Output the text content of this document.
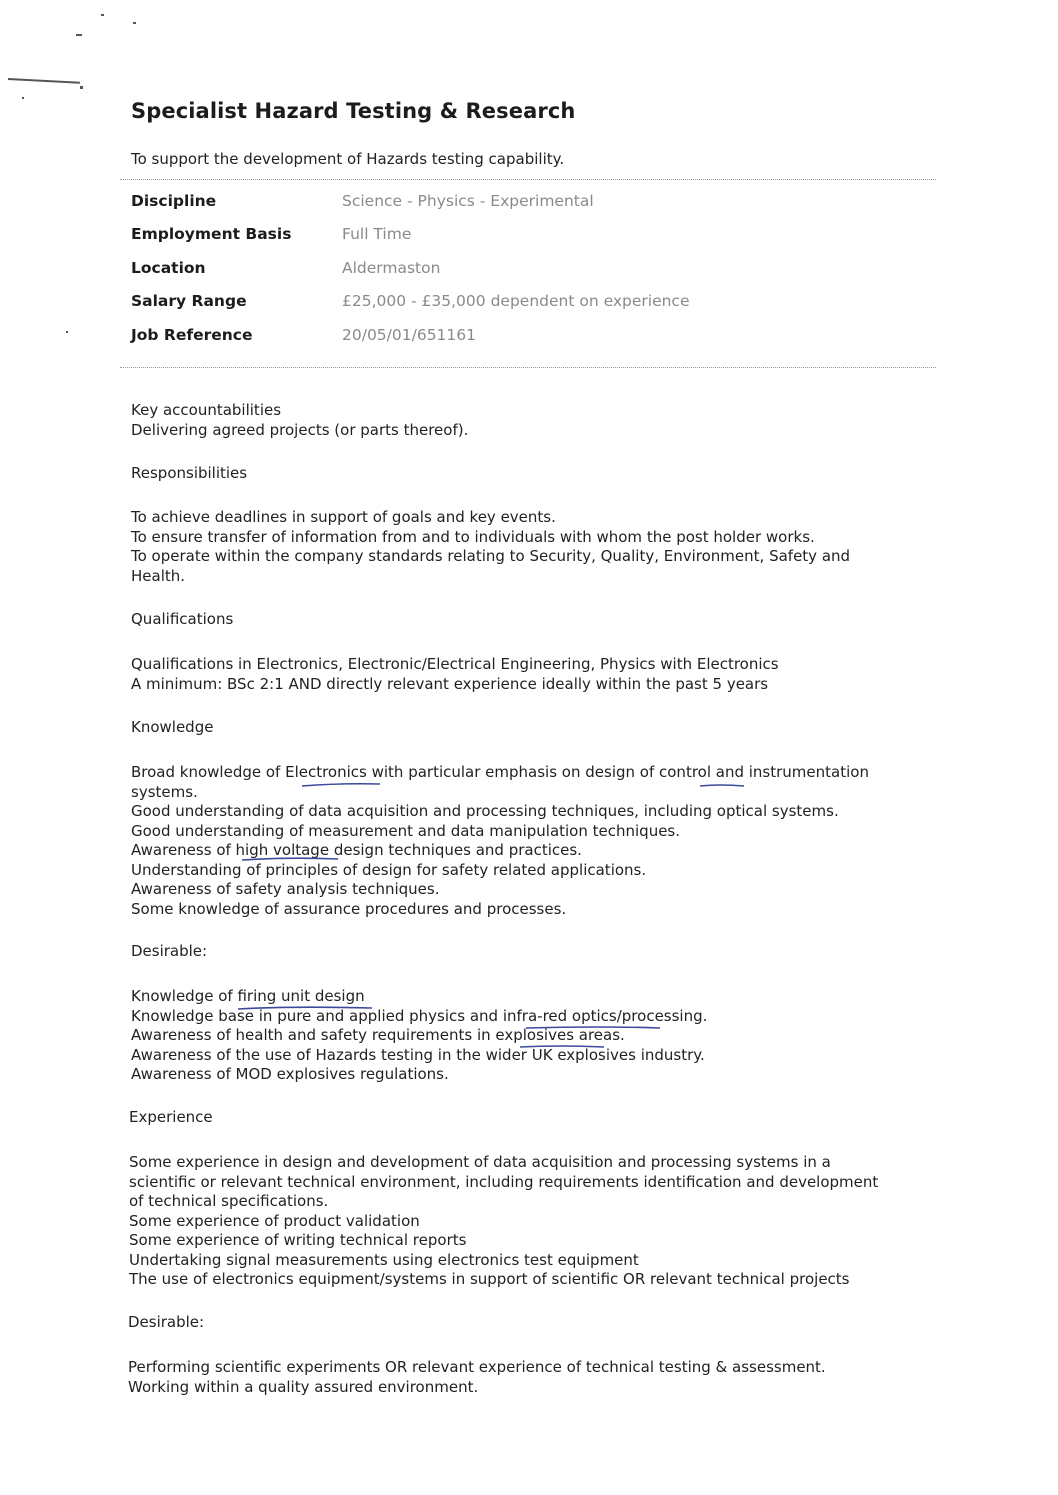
Specialist Hazard Testing & Research
To support the development of Hazards testing capability.
Discipline	Science - Physics - Experimental
Employment Basis	Full Time
Location	Aldermaston
Salary Range	£25,000 - £35,000 dependent on experience
Job Reference	20/05/01/651161
Key accountabilities
Delivering agreed projects (or parts thereof).
Responsibilities
To achieve deadlines in support of goals and key events.
To ensure transfer of information from and to individuals with whom the post holder works.
To operate within the company standards relating to Security, Quality, Environment, Safety and
Health.
Qualifications
Qualifications in Electronics, Electronic/Electrical Engineering, Physics with Electronics
A minimum: BSc 2:1 AND directly relevant experience ideally within the past 5 years
Knowledge
Broad knowledge of Electronics with particular emphasis on design of control and instrumentation
systems.
Good understanding of data acquisition and processing techniques, including optical systems.
Good understanding of measurement and data manipulation techniques.
Awareness of high voltage design techniques and practices.
Understanding of principles of design for safety related applications.
Awareness of safety analysis techniques.
Some knowledge of assurance procedures and processes.
Desirable:
Knowledge of firing unit design
Knowledge base in pure and applied physics and infra-red optics/processing.
Awareness of health and safety requirements in explosives areas.
Awareness of the use of Hazards testing in the wider UK explosives industry.
Awareness of MOD explosives regulations.
Experience
Some experience in design and development of data acquisition and processing systems in a
scientific or relevant technical environment, including requirements identification and development
of technical specifications.
Some experience of product validation
Some experience of writing technical reports
Undertaking signal measurements using electronics test equipment
The use of electronics equipment/systems in support of scientific OR relevant technical projects
Desirable:
Performing scientific experiments OR relevant experience of technical testing & assessment.
Working within a quality assured environment.
